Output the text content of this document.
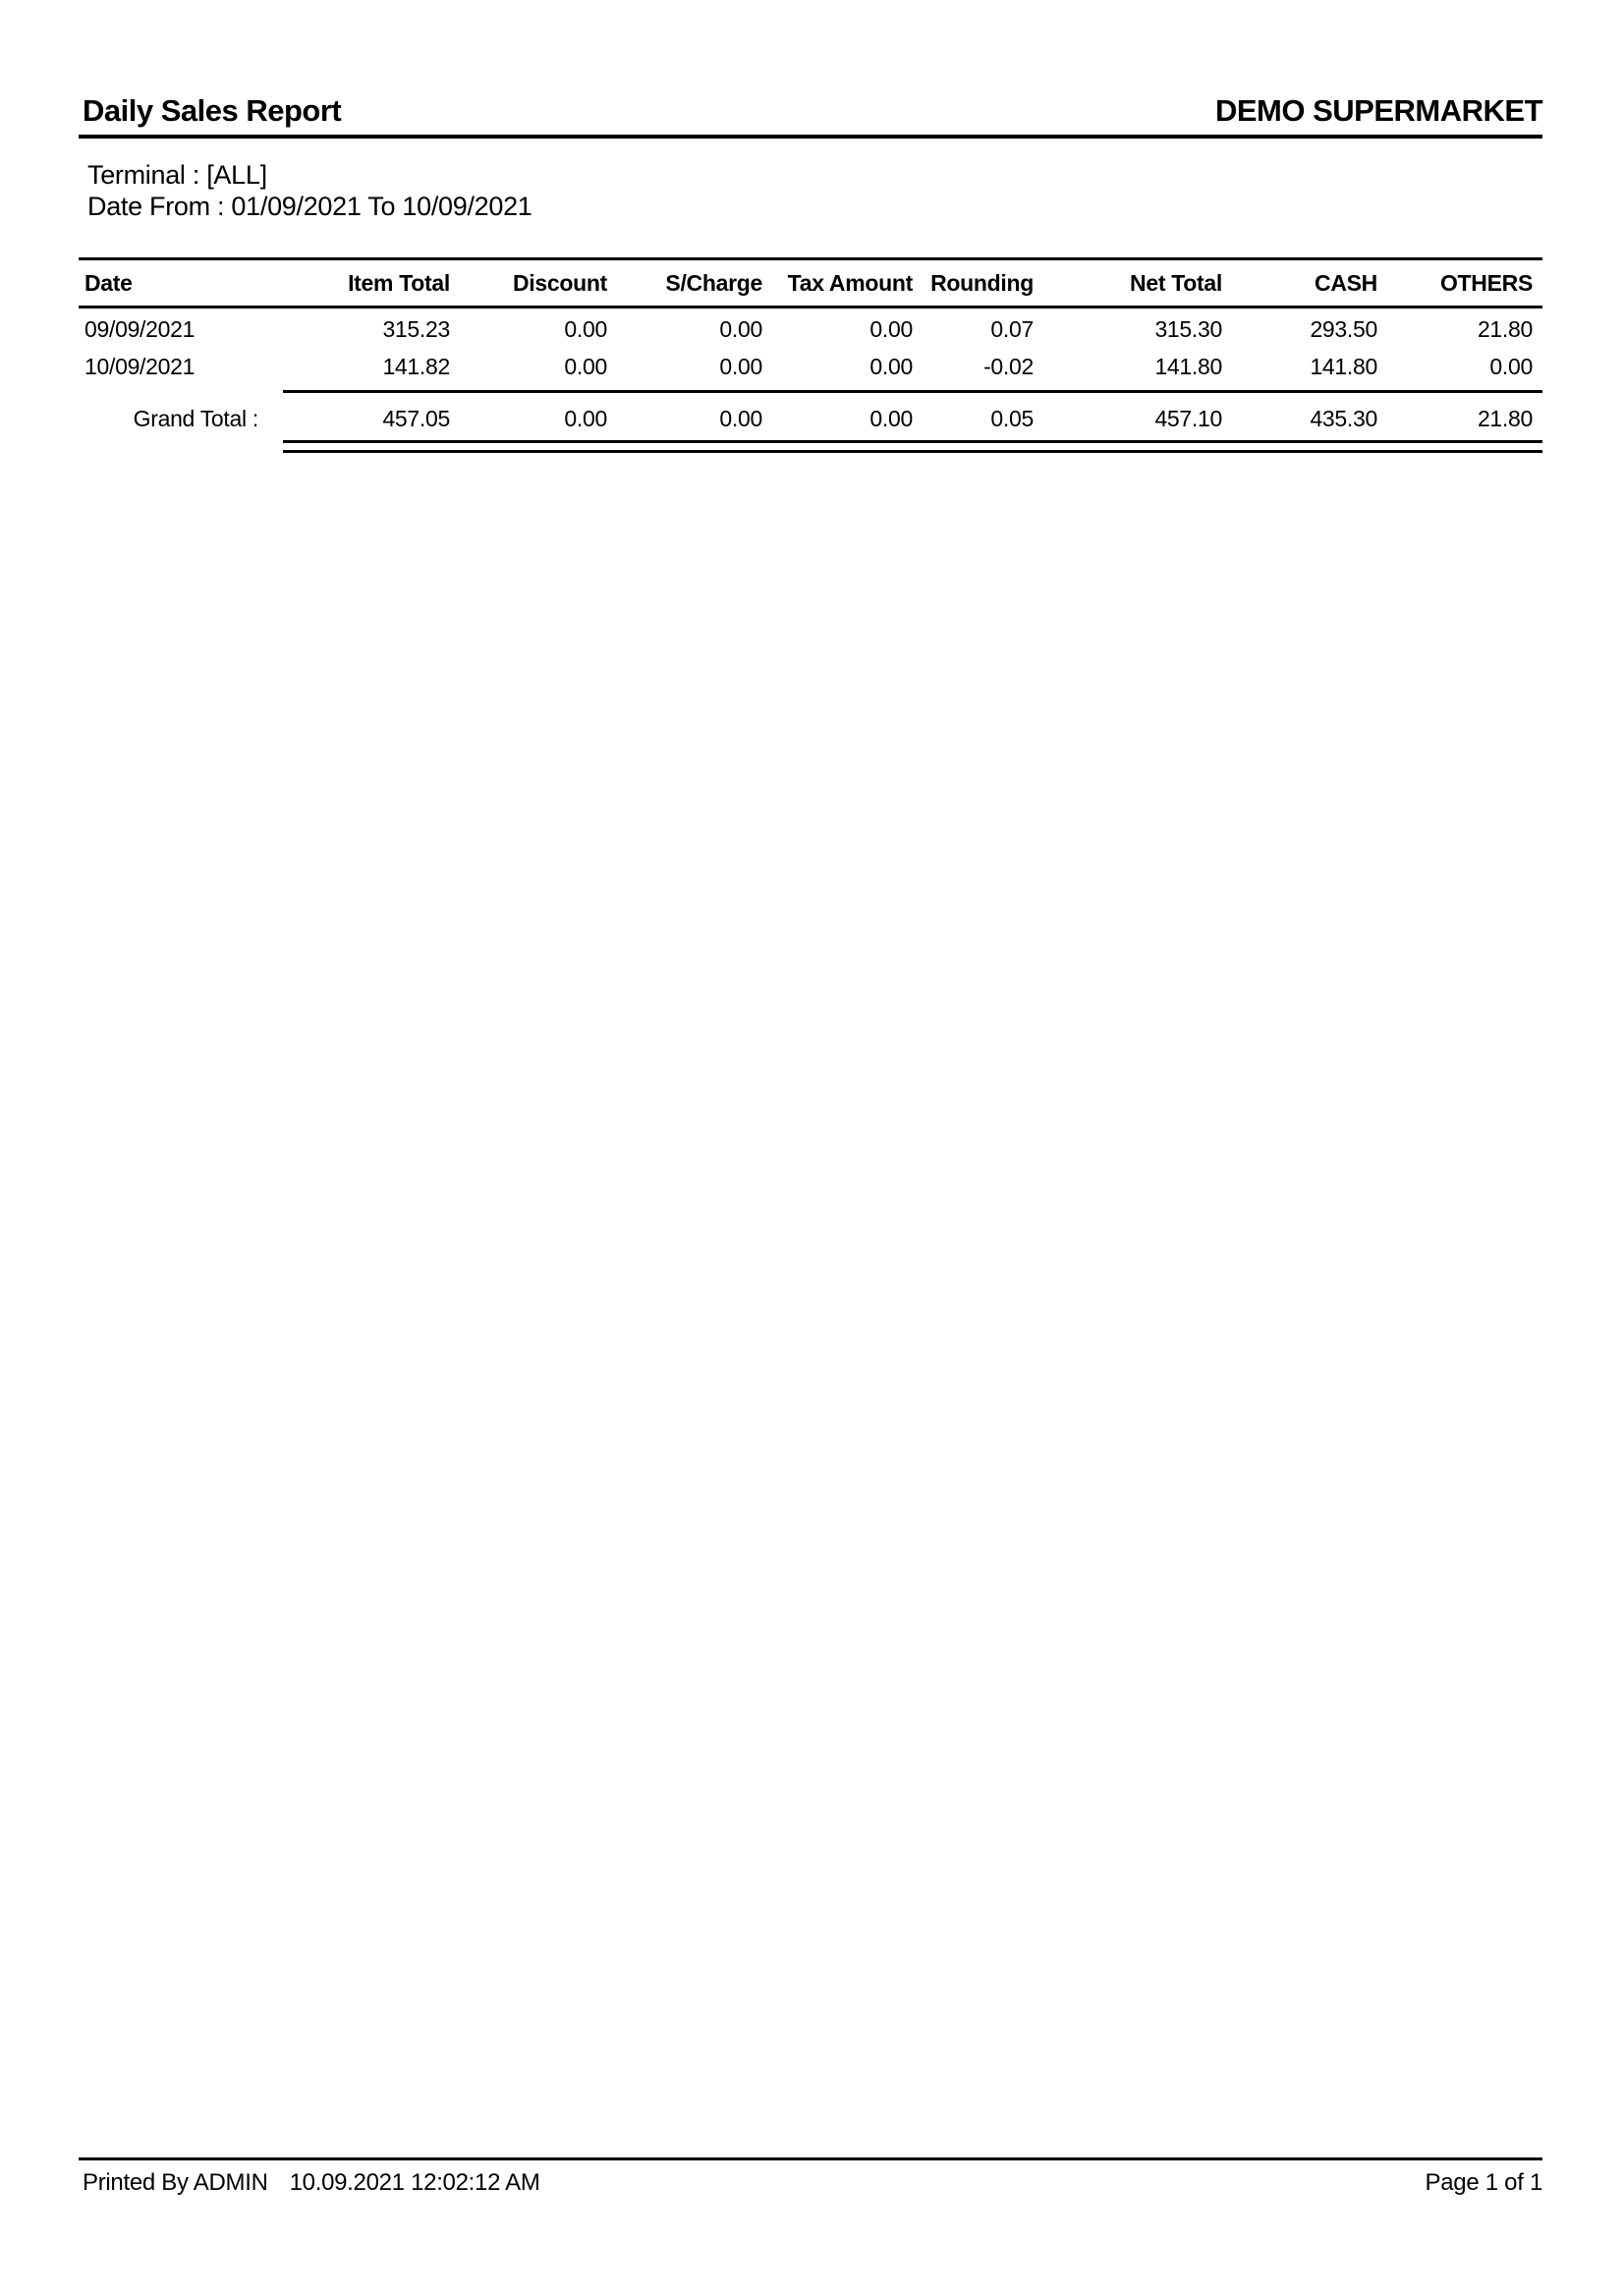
Daily Sales Report	DEMO SUPERMARKET
Terminal : [ALL]
Date From : 01/09/2021 To 10/09/2021
Date	Item Total	Discount	S/Charge	Tax Amount	Rounding	Net Total	CASH	OTHERS
09/09/2021	315.23	0.00	0.00	0.00	0.07	315.30	293.50	21.80
10/09/2021	141.82	0.00	0.00	0.00	-0.02	141.80	141.80	0.00

Grand Total :	457.05	0.00	0.00	0.00	0.05	457.10	435.30	21.80

Printed By ADMIN 10.09.2021 12:02:12 AM	Page 1 of 1
